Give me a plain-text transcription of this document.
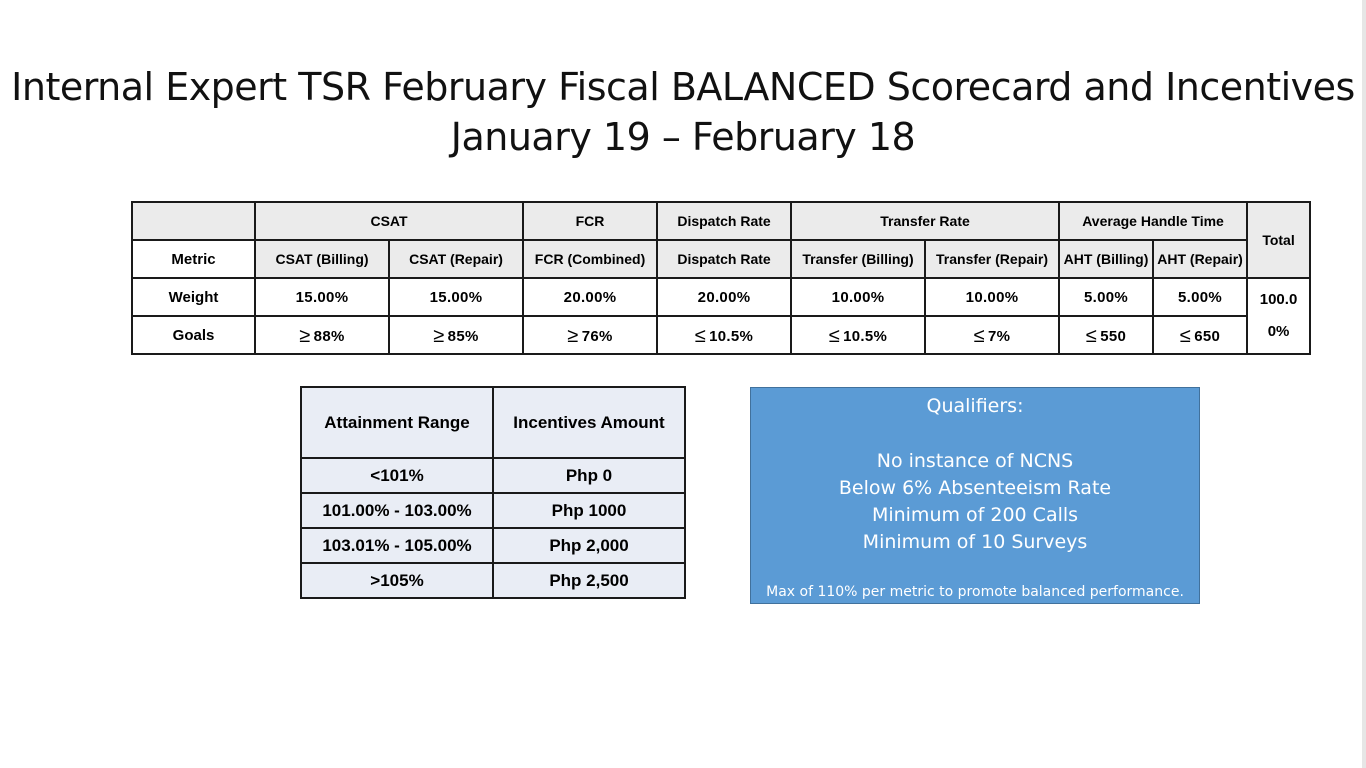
Internal Expert TSR February Fiscal BALANCED Scorecard and Incentives
January 19 – February 18
	CSAT		FCR	Dispatch Rate	Transfer Rate		Average Handle Time		Total
Metric	CSAT (Billing)	CSAT (Repair)	FCR (Combined)	Dispatch Rate	Transfer (Billing)	Transfer (Repair)	AHT (Billing)	AHT (Repair)	
Weight	15.00%	15.00%	20.00%	20.00%	10.00%	10.00%	5.00%	5.00%	100.00%

Goals	≥ 88%	≥ 85%	≥ 76%	≤ 10.5%	≤ 10.5%	≤ 7%	≤ 550	≤ 650	
Attainment Range	Incentives Amount
<101%	Php 0
101.00% - 103.00%	Php 1000
103.01% - 105.00%	Php 2,000
>105%	Php 2,500
Qualifiers:
No instance of NCNS
Below 6% Absenteeism Rate
Minimum of 200 Calls
Minimum of 10 Surveys
Max of 110% per metric to promote balanced performance.
